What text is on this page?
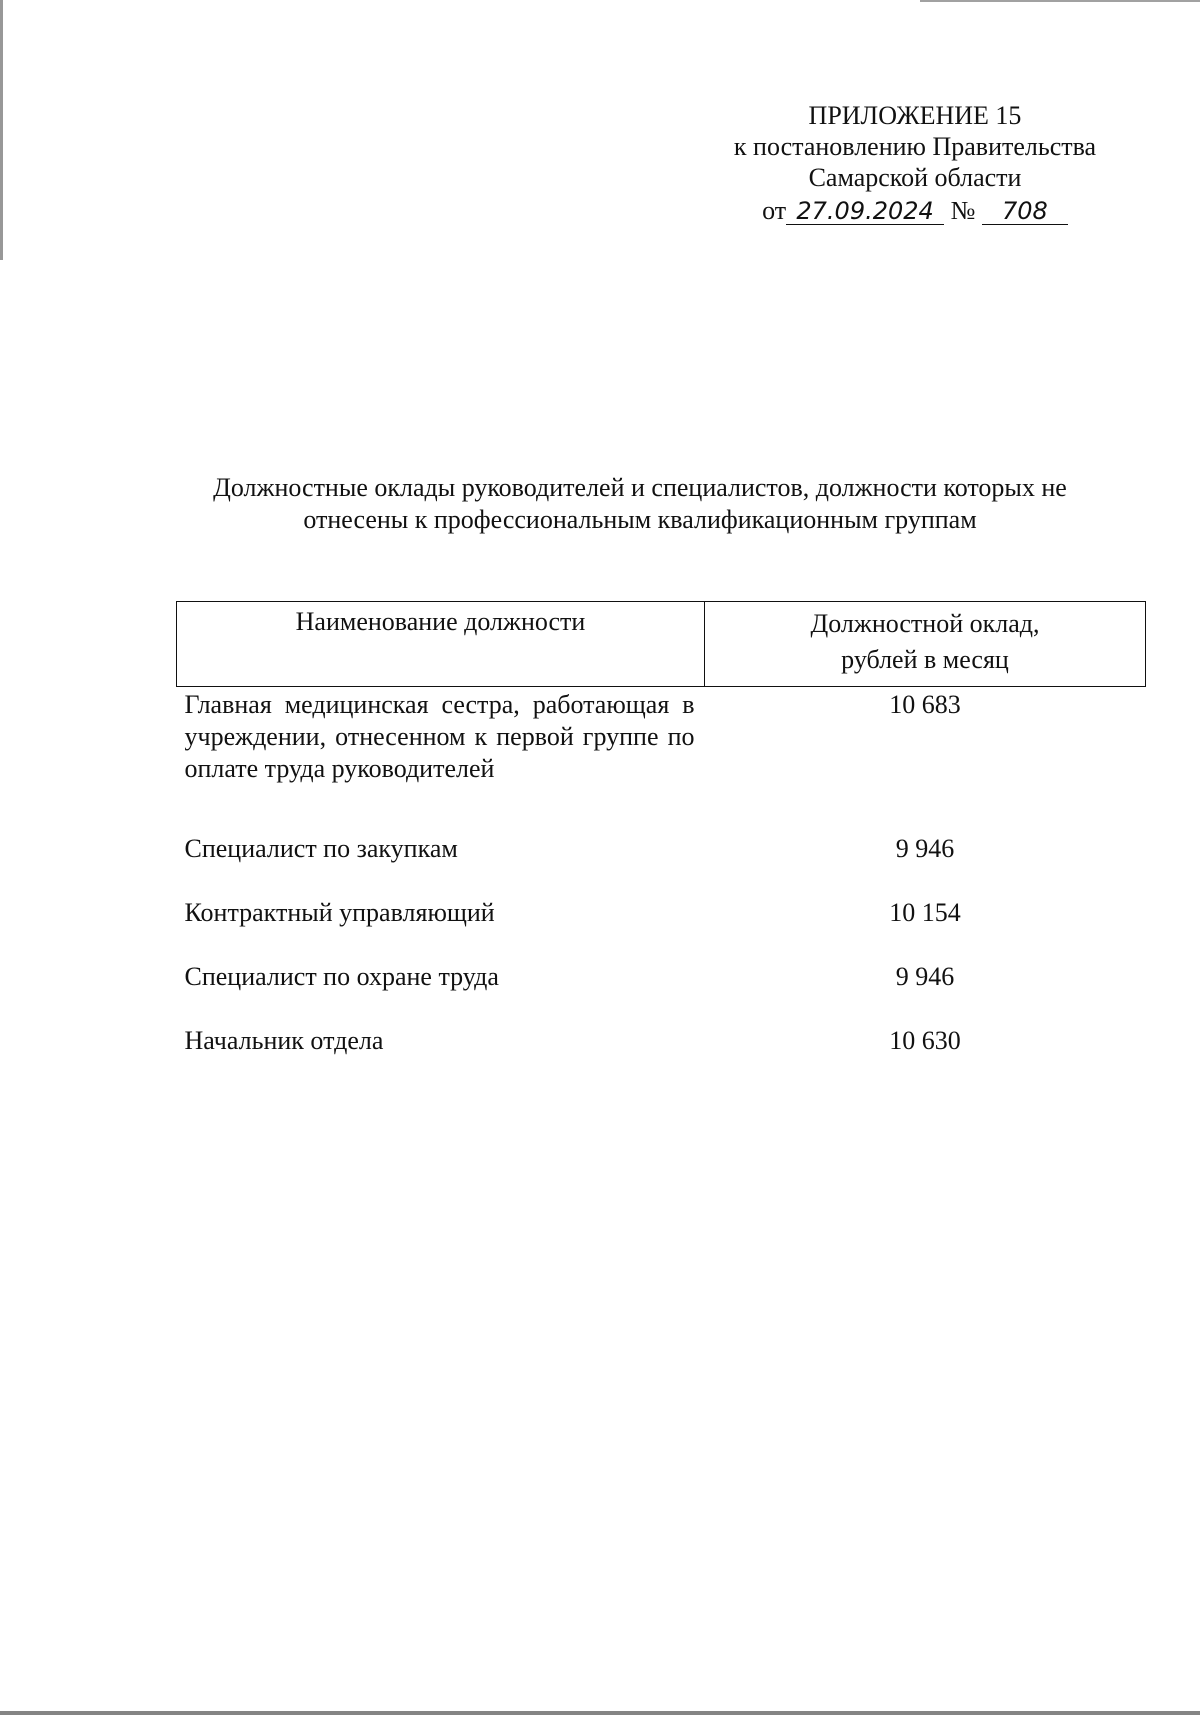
ПРИЛОЖЕНИЕ 15
к постановлению Правительства
Самарской области
от 27.09.2024 № 708
Должностные оклады руководителей и специалистов, должности которых не
отнесены к профессиональным квалификационным группам
Наименование должности	Должностной оклад,
рублей в месяц

Главная медицинская сестра, работающая в учреждении, отнесенном к первой группе по оплате труда руководителей	10 683
Специалист по закупкам	9 946
Контрактный управляющий	10 154
Специалист по охране труда	9 946
Начальник отдела	10 630
